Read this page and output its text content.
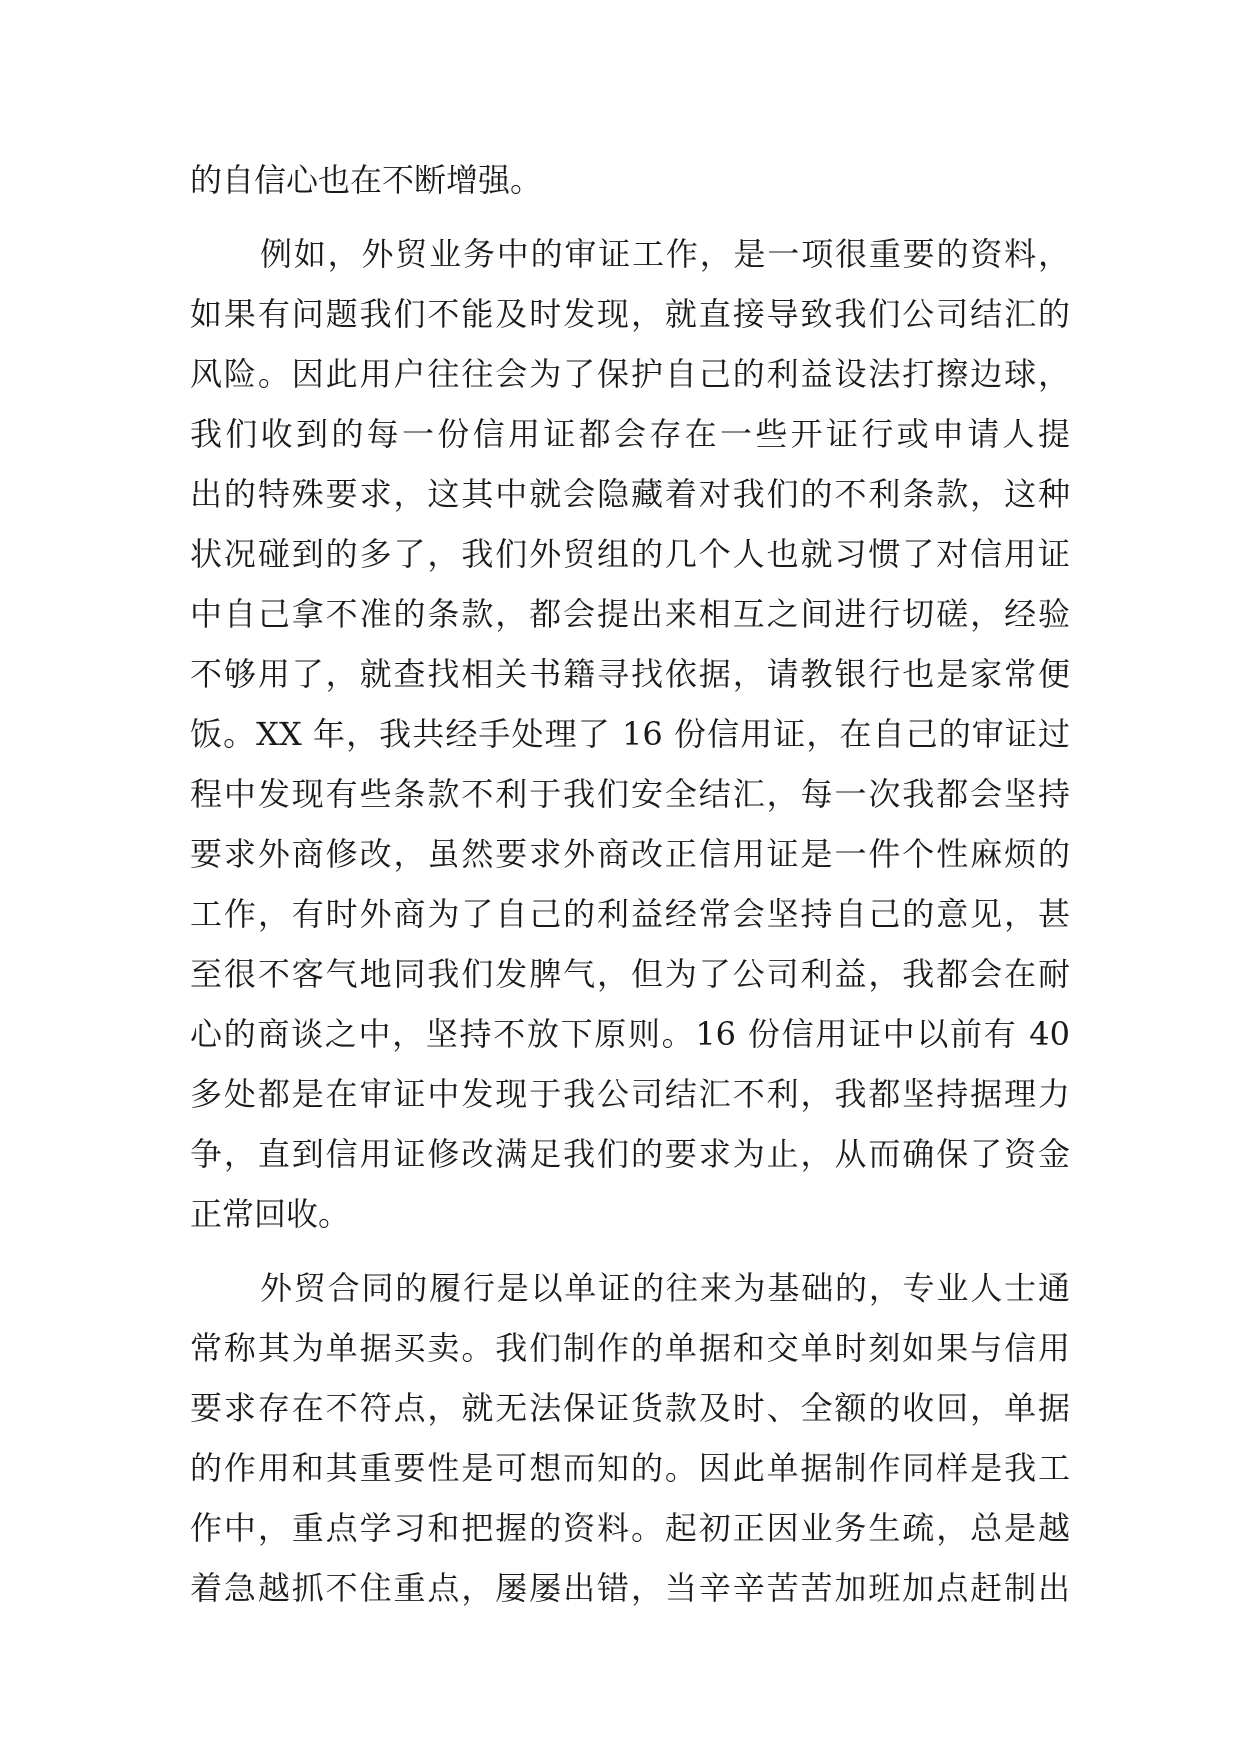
的自信心也在不断增强。
例如，外贸业务中的审证工作，是一项很重要的资料，
如果有问题我们不能及时发现，就直接导致我们公司结汇的
风险。因此用户往往会为了保护自己的利益设法打擦边球，
我们收到的每一份信用证都会存在一些开证行或申请人提
出的特殊要求，这其中就会隐藏着对我们的不利条款，这种
状况碰到的多了，我们外贸组的几个人也就习惯了对信用证
中自己拿不准的条款，都会提出来相互之间进行切磋，经验
不够用了，就查找相关书籍寻找依据，请教银行也是家常便
饭。XX 年，我共经手处理了 16 份信用证，在自己的审证过
程中发现有些条款不利于我们安全结汇，每一次我都会坚持
要求外商修改，虽然要求外商改正信用证是一件个性麻烦的
工作，有时外商为了自己的利益经常会坚持自己的意见，甚
至很不客气地同我们发脾气，但为了公司利益，我都会在耐
心的商谈之中，坚持不放下原则。16 份信用证中以前有 40
多处都是在审证中发现于我公司结汇不利，我都坚持据理力
争，直到信用证修改满足我们的要求为止，从而确保了资金
正常回收。
外贸合同的履行是以单证的往来为基础的，专业人士通
常称其为单据买卖。我们制作的单据和交单时刻如果与信用
要求存在不符点，就无法保证货款及时、全额的收回，单据
的作用和其重要性是可想而知的。因此单据制作同样是我工
作中，重点学习和把握的资料。起初正因业务生疏，总是越
着急越抓不住重点，屡屡出错，当辛辛苦苦加班加点赶制出
